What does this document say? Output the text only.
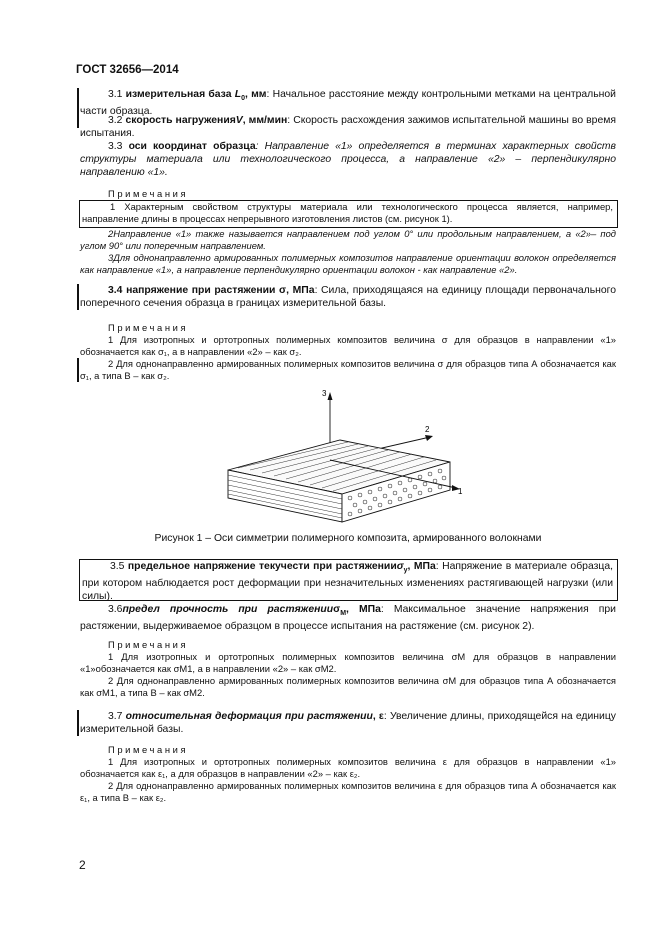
ГОСТ 32656—2014
3.1 измерительная база $L_0$, мм: Начальное расстояние между контрольными метками на центральной части образца.
3.2 скорость нагруженияV, мм/мин: Скорость расхождения зажимов испытательной машины во время испытания.
3.3 оси координат образца: Направление «1» определяется в терминах характерных свойств структуры материала или технологического процесса, а направление «2» – перпендикулярно направлению «1».

Примечания

1 Характерным свойством структуры материала или технологического процесса является, например, направление длины в процессах непрерывного изготовления листов (см. рисунок 1).
2Направление «1» также называется направлением под углом 0° или продольным направлением, а «2»– под углом 90° или поперечным направлением.
3Для однонаправленно армированных полимерных композитов направление ориентации волокон определяется как направление «1», а направление перпендикулярно ориентации волокон - как направление «2».
3.4 напряжение при растяжении σ, МПа: Сила, приходящаяся на единицу площади первоначального поперечного сечения образца в границах измерительной базы.

Примечания

1 Для изотропных и ортотропных полимерных композитов величина σ для образцов в направлении «1» обозначается как σ₁, а в направлении «2» – как σ₂.
2 Для однонаправленно армированных полимерных композитов величина σ для образцов типа А обозначается как σ₁, а типа В – как σ₂.
3
2
1
Рисунок 1 – Оси симметрии полимерного композита, армированного волокнами
3.5 предельное напряжение текучести при растяженииσ$_y$, МПа: Напряжение в материале образца, при котором наблюдается рост деформации при незначительных изменениях растягивающей нагрузки (или силы).
3.6предел прочность при растяженииσ$_M$, МПа: Максимальное значение напряжения при растяжении, выдерживаемое образцом в процессе испытания на растяжение (см. рисунок 2).

Примечания

1 Для изотропных и ортотропных полимерных композитов величина σM для образцов в направлении «1»обозначается как σM1, а в направлении «2» – как σM2.
2 Для однонаправленно армированных полимерных композитов величина σM для образцов типа А обозначается как σM1, а типа В – как σM2.
3.7 относительная деформация при растяжении, ε: Увеличение длины, приходящейся на единицу измерительной базы.

Примечания

1 Для изотропных и ортотропных полимерных композитов величина ε для образцов в направлении «1» обозначается как ε₁, а для образцов в направлении «2» – как ε₂.
2 Для однонаправленно армированных полимерных композитов величина ε для образцов типа А обозначается как ε₁, а типа В – как ε₂.
2
